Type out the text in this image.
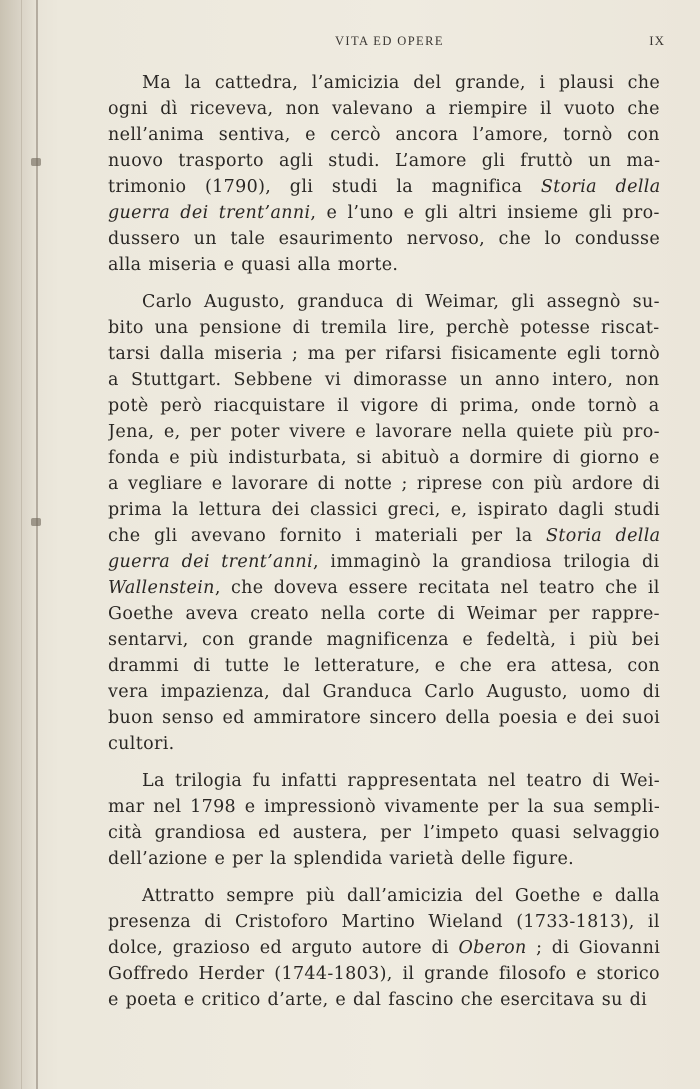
VITA ED OPERE	IX
Ma la cattedra, l’amicizia del grande, i plausi che
ogni dì riceveva, non valevano a riempire il vuoto che
nell’anima sentiva, e cercò ancora l’amore, tornò con
nuovo trasporto agli studi. L’amore gli fruttò un ma-
trimonio (1790), gli studi la magnifica Storia della
guerra dei trent’anni, e l’uno e gli altri insieme gli pro-
dussero un tale esaurimento nervoso, che lo condusse
alla miseria e quasi alla morte.
Carlo Augusto, granduca di Weimar, gli assegnò su-
bito una pensione di tremila lire, perchè potesse riscat-
tarsi dalla miseria ; ma per rifarsi fisicamente egli tornò
a Stuttgart. Sebbene vi dimorasse un anno intero, non
potè però riacquistare il vigore di prima, onde tornò a
Jena, e, per poter vivere e lavorare nella quiete più pro-
fonda e più indisturbata, si abituò a dormire di giorno e
a vegliare e lavorare di notte ; riprese con più ardore di
prima la lettura dei classici greci, e, ispirato dagli studi
che gli avevano fornito i materiali per la Storia della
guerra dei trent’anni, immaginò la grandiosa trilogia di
Wallenstein, che doveva essere recitata nel teatro che il
Goethe aveva creato nella corte di Weimar per rappre-
sentarvi, con grande magnificenza e fedeltà, i più bei
drammi di tutte le letterature, e che era attesa, con
vera impazienza, dal Granduca Carlo Augusto, uomo di
buon senso ed ammiratore sincero della poesia e dei suoi
cultori.
La trilogia fu infatti rappresentata nel teatro di Wei-
mar nel 1798 e impressionò vivamente per la sua sempli-
cità grandiosa ed austera, per l’impeto quasi selvaggio
dell’azione e per la splendida varietà delle figure.
Attratto sempre più dall’amicizia del Goethe e dalla
presenza di Cristoforo Martino Wieland (1733-1813), il
dolce, grazioso ed arguto autore di Oberon ; di Giovanni
Goffredo Herder (1744-1803), il grande filosofo e storico
e poeta e critico d’arte, e dal fascino che esercitava su di
